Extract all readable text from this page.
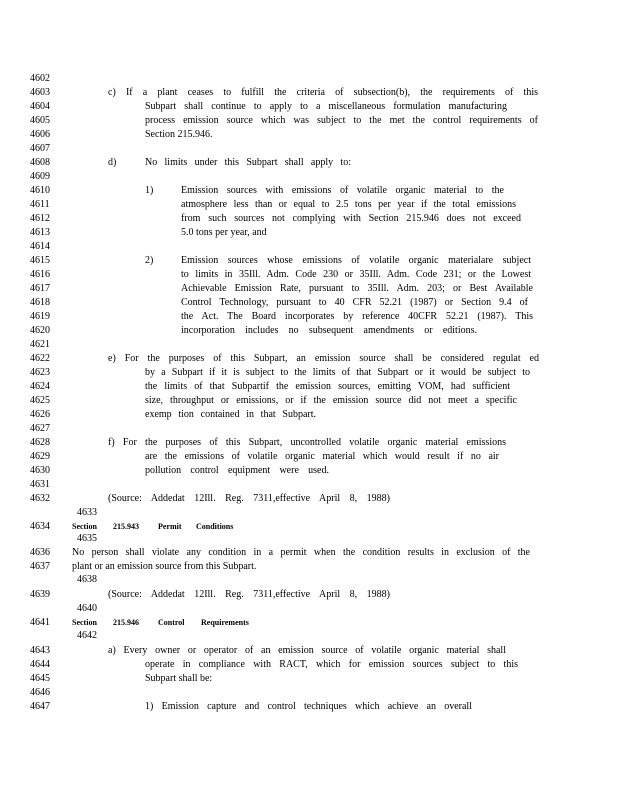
4602
4603
4604
4605
4606
4607
4608
4609
4610
4611
4612
4613
4614
4615
4616
4617
4618
4619
4620
4621
4622
4623
4624
4625
4626
4627
4628
4629
4630
4631
4632
4633
4634
4635
4636
4637
4638
4639
4640
4641
4642
4643
4644
4645
4646
4647
c) If a plant ceases to fulfill the criteria of subsection(b), the requirements of this
Subpart shall continue to apply to a miscellaneous formulation manufacturing
process emission source which was subject to the met the control requirements of
Section 215.946.
d)	No limits under this Subpart shall apply to:
1)	Emission sources with emissions of volatile organic material to the
atmosphere less than or equal to 2.5 tons per year if the total emissions
from such sources not complying with Section 215.946 does not exceed
5.0 tons per year, and
2)	Emission sources whose emissions of volatile organic materialare subject
to limits in 35Ill. Adm. Code 230 or 35Ill. Adm. Code 231; or the Lowest
Achievable Emission Rate, pursuant to 35Ill. Adm. 203; or Best Available
Control Technology, pursuant to 40 CFR 52.21 (1987) or Section 9.4 of
the Act. The Board incorporates by reference 40CFR 52.21 (1987). This
incorporation includes no subsequent amendments or editions.
e) For the purposes of this Subpart, an emission source shall be considered regulat ed
by a Subpart if it is subject to the limits of that Subpart or it would be subject to
the limits of that Subpartif the emission sources, emitting VOM, had sufficient
size, throughput or emissions, or if the emission source did not meet a specific
exemp tion contained in that Subpart.
f) For the purposes of this Subpart, uncontrolled volatile organic material emissions
are the emissions of volatile organic material which would result if no air
pollution control equipment were used.
(Source: Addedat 12Ill. Reg. 7311,effective April 8, 1988)
Section 215.943 Permit Conditions
No person shall violate any condition in a permit when the condition results in exclusion of the
plant or an emission source from this Subpart.
(Source: Addedat 12Ill. Reg. 7311,effective April 8, 1988)
Section 215.946 Control Requirements
a) Every owner or operator of an emission source of volatile organic material shall
operate in compliance with RACT, which for emission sources subject to this
Subpart shall be:
1) Emission capture and control techniques which achieve an overall
